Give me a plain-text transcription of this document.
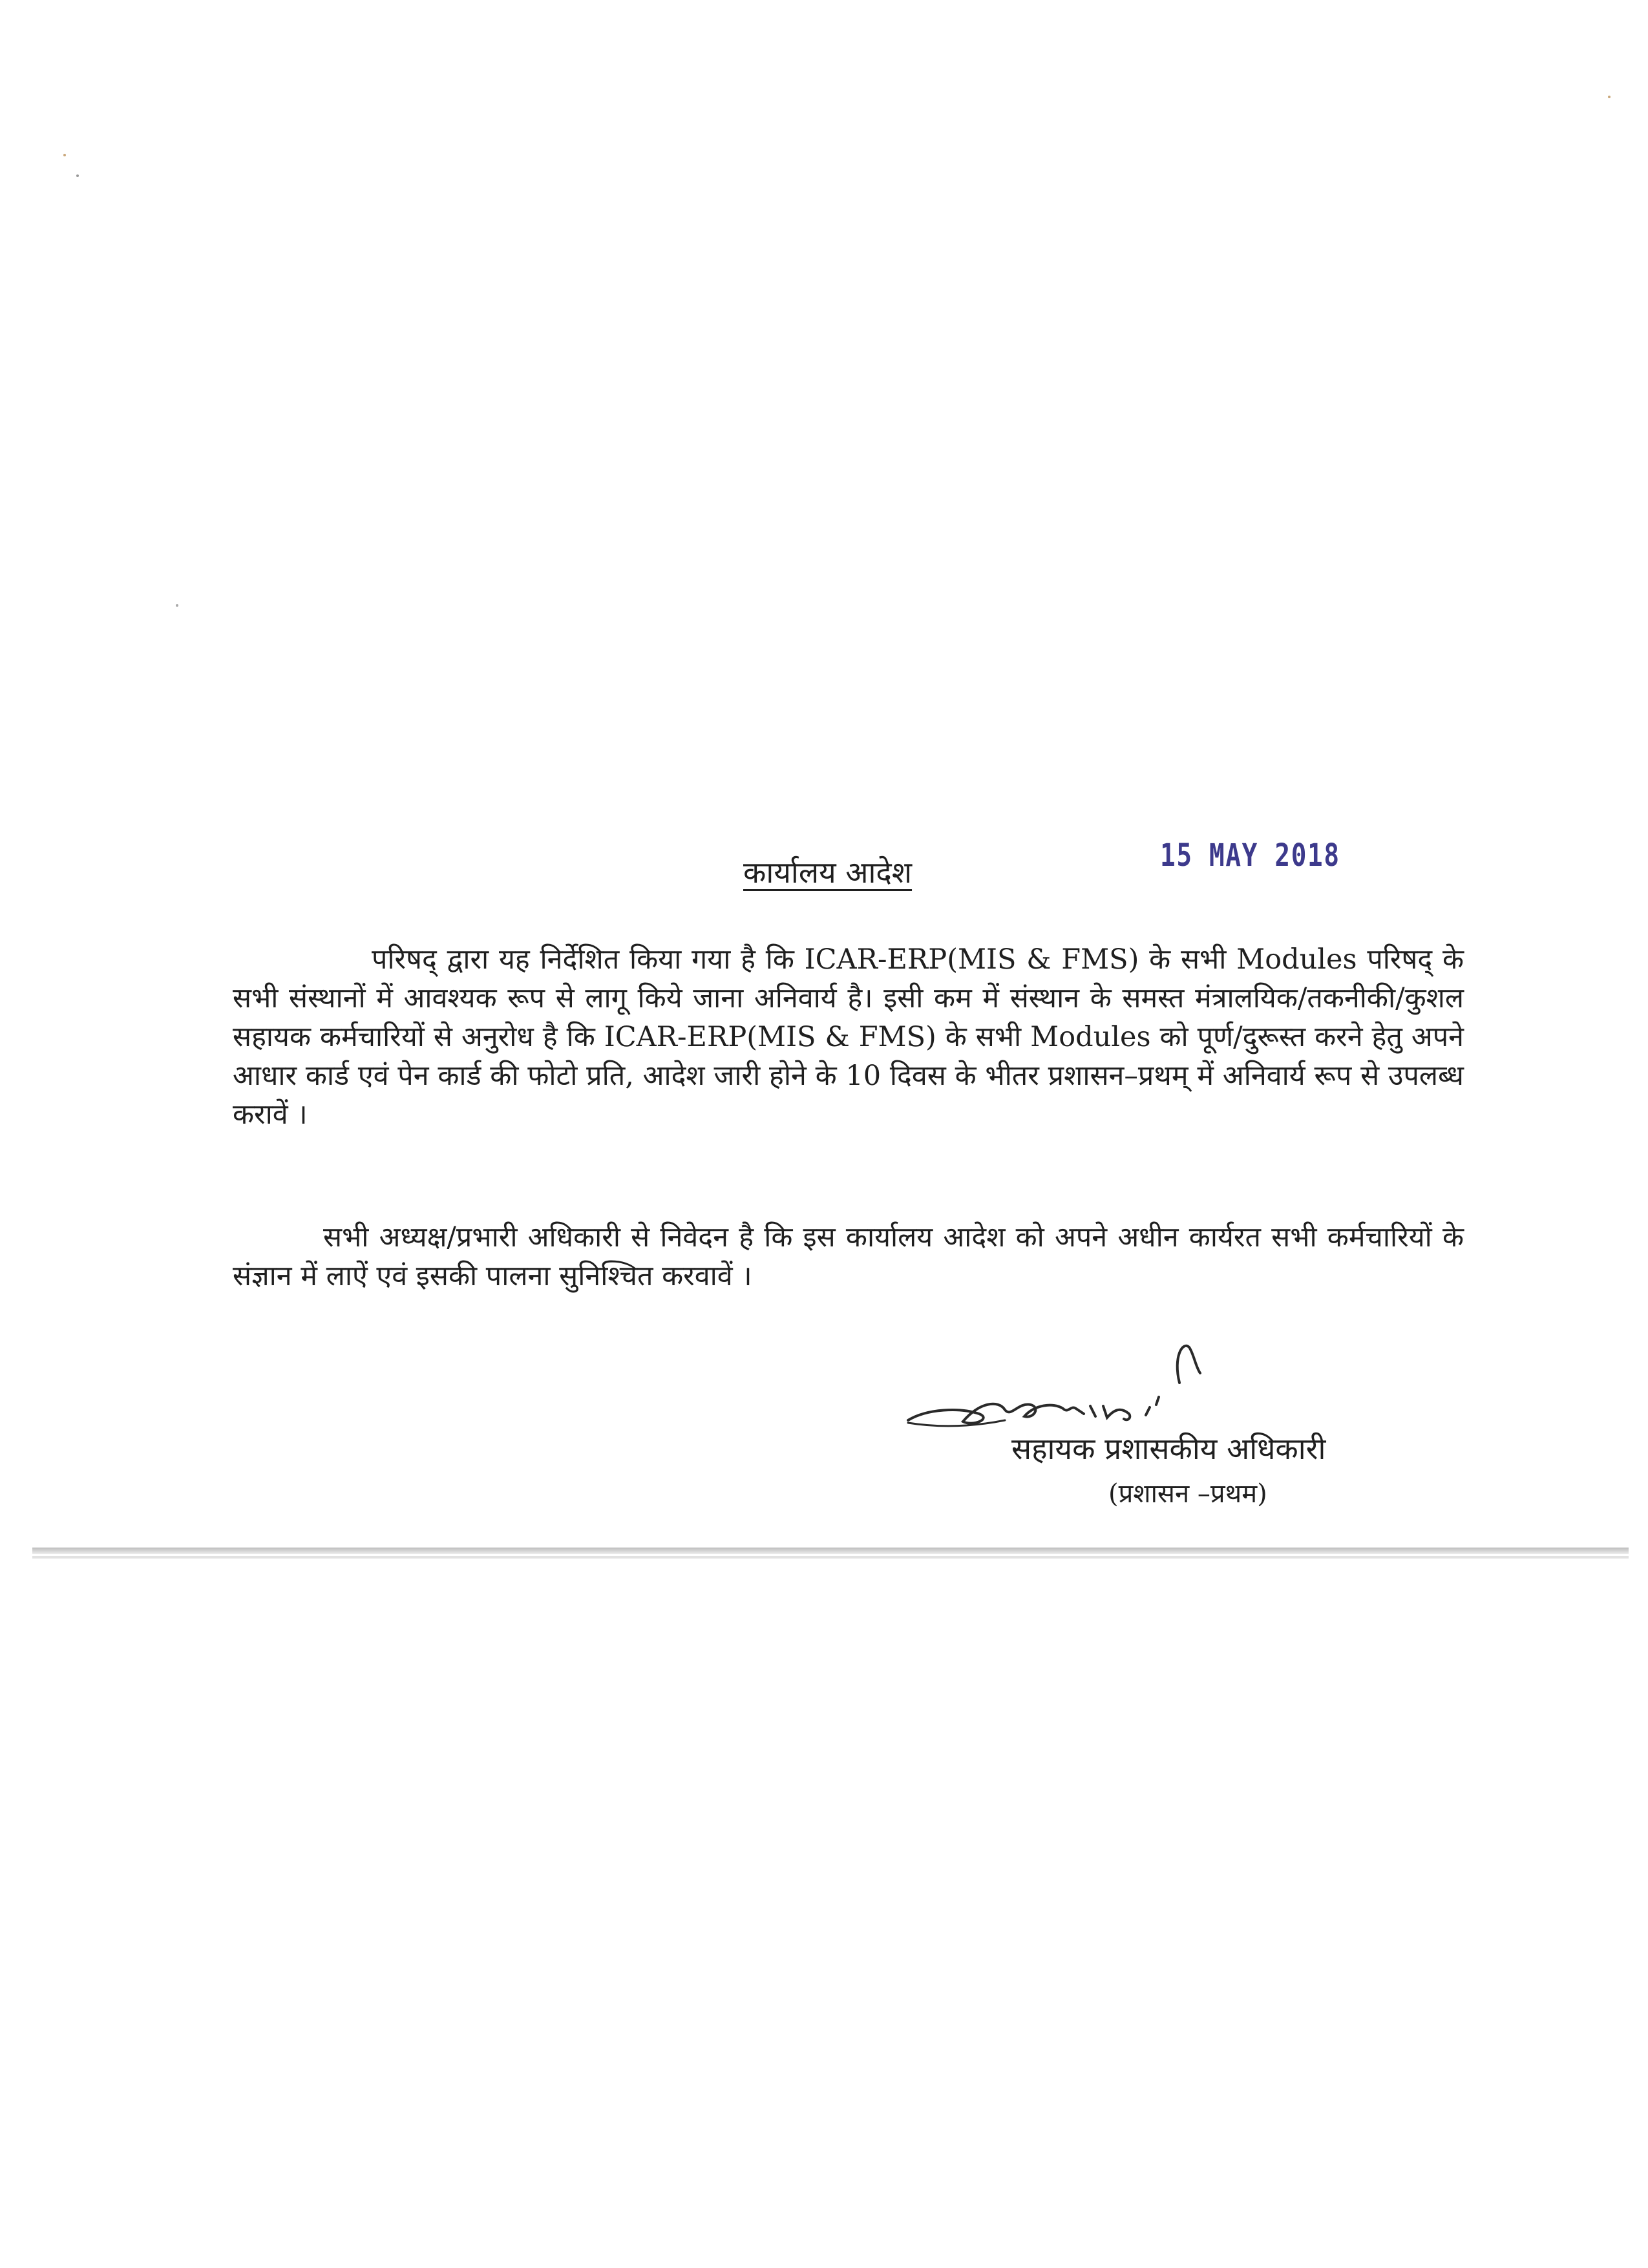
कार्यालय आदेश	15 MAY 2018
परिषद् द्वारा यह निर्देशित किया गया है कि ICAR-ERP(MIS & FMS) के सभी Modules परिषद् के सभी संस्थानों में आवश्यक रूप से लागू किये जाना अनिवार्य है। इसी कम में संस्थान के समस्त मंत्रालयिक/तकनीकी/कुशल सहायक कर्मचारियों से अनुरोध है कि ICAR-ERP(MIS & FMS) के सभी Modules को पूर्ण/दुरूस्त करने हेतु अपने आधार कार्ड एवं पेन कार्ड की फोटो प्रति, आदेश जारी होने के 10 दिवस के भीतर प्रशासन–प्रथम् में अनिवार्य रूप से उपलब्ध करावें ।
सभी अध्यक्ष/प्रभारी अधिकारी से निवेदन है कि इस कार्यालय आदेश को अपने अधीन कार्यरत सभी कर्मचारियों के संज्ञान में लाऐं एवं इसकी पालना सुनिश्चित करवावें ।
सहायक प्रशासकीय अधिकारी
(प्रशासन –प्रथम)
